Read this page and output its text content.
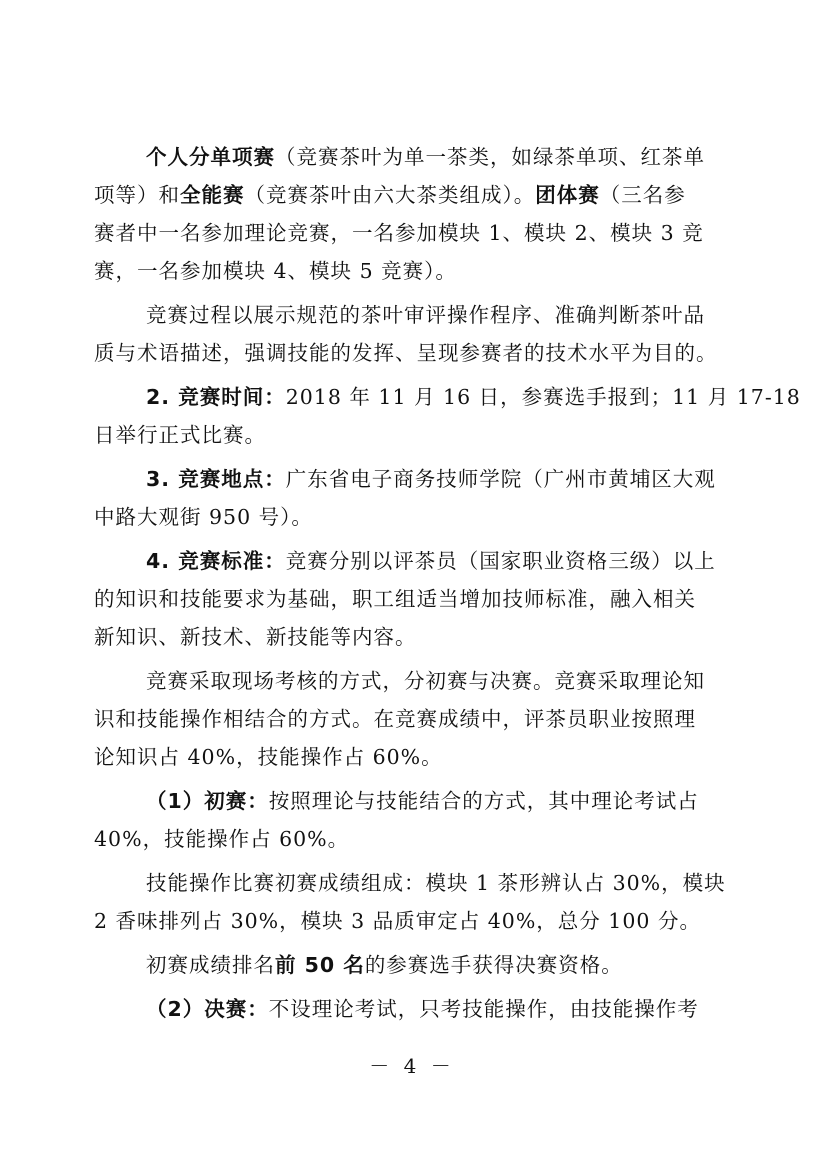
个人分单项赛（竞赛茶叶为单一茶类，如绿茶单项、红茶单
项等）和全能赛（竞赛茶叶由六大茶类组成）。团体赛（三名参
赛者中一名参加理论竞赛，一名参加模块 1、模块 2、模块 3 竞
赛，一名参加模块 4、模块 5 竞赛）。
竞赛过程以展示规范的茶叶审评操作程序、准确判断茶叶品
质与术语描述，强调技能的发挥、呈现参赛者的技术水平为目的。
2. 竞赛时间：2018 年 11 月 16 日，参赛选手报到；11 月 17-18
日举行正式比赛。
3. 竞赛地点：广东省电子商务技师学院（广州市黄埔区大观
中路大观街 950 号）。
4. 竞赛标准：竞赛分别以评茶员（国家职业资格三级）以上
的知识和技能要求为基础，职工组适当增加技师标准，融入相关
新知识、新技术、新技能等内容。
竞赛采取现场考核的方式，分初赛与决赛。竞赛采取理论知
识和技能操作相结合的方式。在竞赛成绩中，评茶员职业按照理
论知识占 40%，技能操作占 60%。
（1）初赛：按照理论与技能结合的方式，其中理论考试占
40%，技能操作占 60%。
技能操作比赛初赛成绩组成：模块 1 茶形辨认占 30%，模块
2 香味排列占 30%，模块 3 品质审定占 40%，总分 100 分。
初赛成绩排名前 50 名的参赛选手获得决赛资格。
（2）决赛：不设理论考试，只考技能操作，由技能操作考
－ 4 －
